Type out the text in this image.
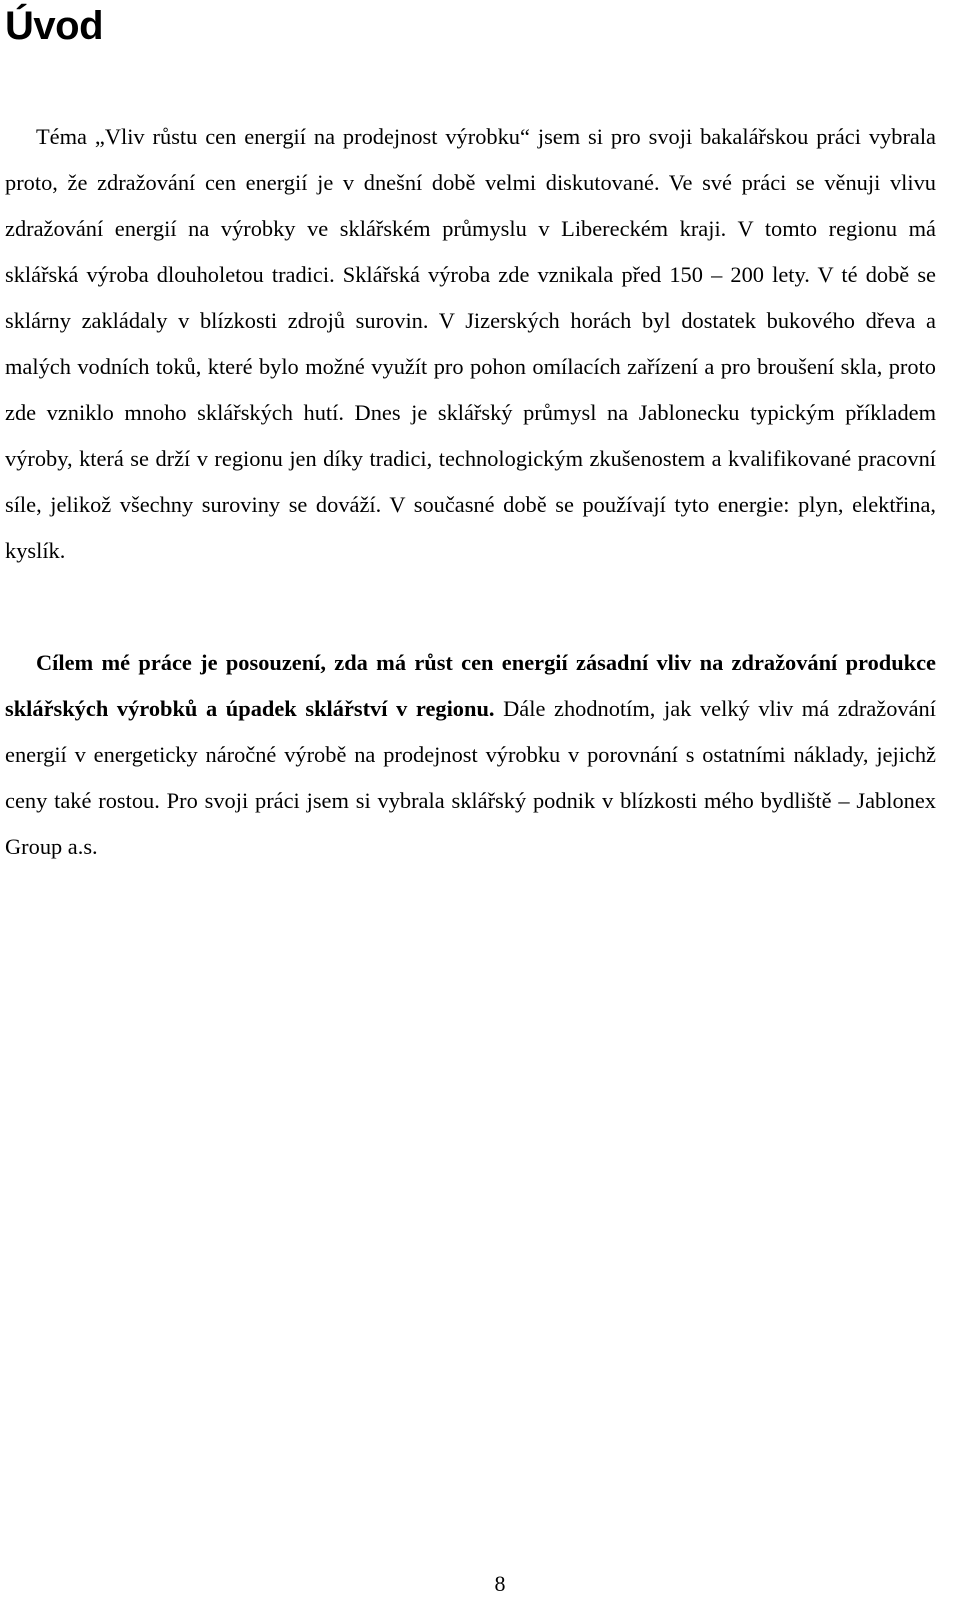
Úvod

Téma „Vliv růstu cen energií na prodejnost výrobku“ jsem si pro svoji bakalářskou práci vybrala proto, že zdražování cen energií je v dnešní době velmi diskutované. Ve své práci se věnuji vlivu zdražování energií na výrobky ve sklářském průmyslu v Libereckém kraji. V tomto regionu má sklářská výroba dlouholetou tradici. Sklářská výroba zde vznikala před 150 – 200 lety. V té době se sklárny zakládaly v blízkosti zdrojů surovin. V Jizerských horách byl dostatek bukového dřeva a malých vodních toků, které bylo možné využít pro pohon omílacích zařízení a pro broušení skla, proto zde vzniklo mnoho sklářských hutí. Dnes je sklářský průmysl na Jablonecku typickým příkladem výroby, která se drží v regionu jen díky tradici, technologickým zkušenostem a kvalifikované pracovní síle, jelikož všechny suroviny se dováží. V současné době se používají tyto energie: plyn, elektřina, kyslík.

Cílem mé práce je posouzení, zda má růst cen energií zásadní vliv na zdražování produkce sklářských výrobků a úpadek sklářství v regionu. Dále zhodnotím, jak velký vliv má zdražování energií v energeticky náročné výrobě na prodejnost výrobku v porovnání s ostatními náklady, jejichž ceny také rostou. Pro svoji práci jsem si vybrala sklářský podnik v blízkosti mého bydliště – Jablonex Group a.s.

8
